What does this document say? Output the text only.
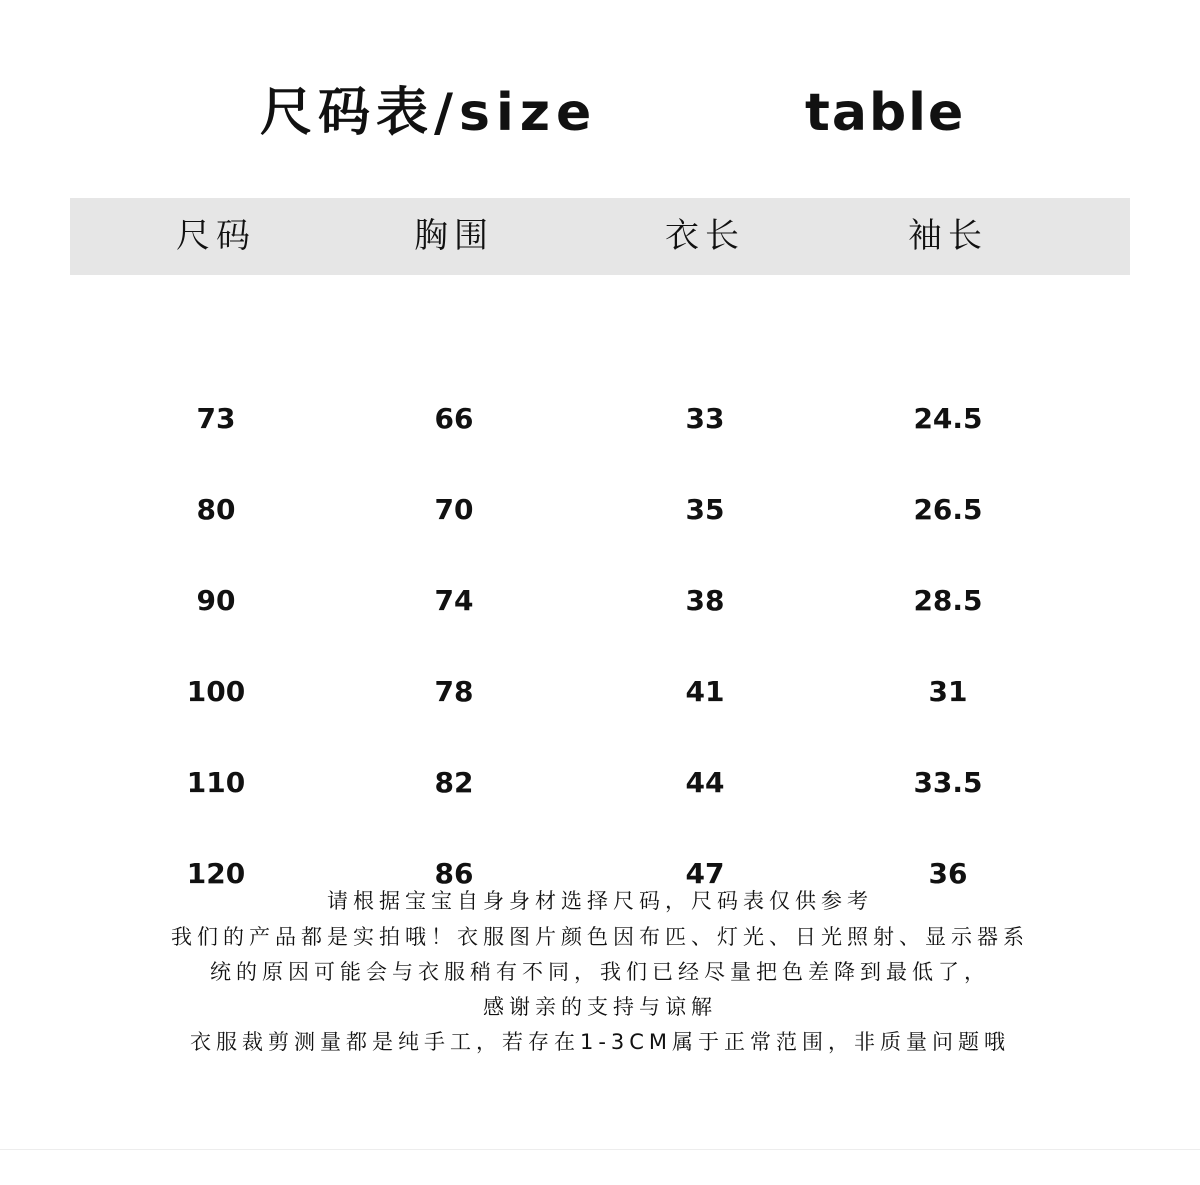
尺码表/size	table
尺码	胸围	衣长	袖长
73	66	33	24.5
80	70	35	26.5
90	74	38	28.5
100	78	41	31
110	82	44	33.5
120	86	47	36
请根据宝宝自身身材选择尺码，尺码表仅供参考
我们的产品都是实拍哦！衣服图片颜色因布匹、灯光、日光照射、显示器系
统的原因可能会与衣服稍有不同，我们已经尽量把色差降到最低了，
感谢亲的支持与谅解
衣服裁剪测量都是纯手工，若存在1-3CM属于正常范围，非质量问题哦
